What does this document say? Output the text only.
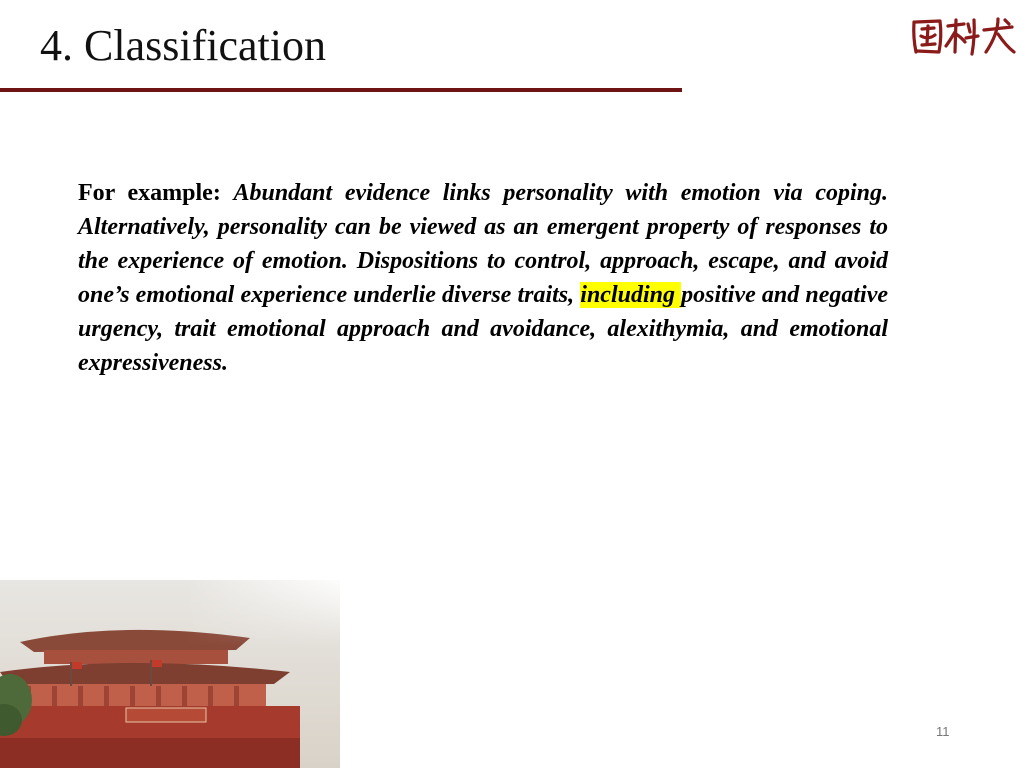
4. Classification
For example: Abundant evidence links personality with emotion via coping. Alternatively, personality can be viewed as an emergent property of responses to the experience of emotion. Dispositions to control, approach, escape, and avoid one’s emotional experience underlie diverse traits, including positive and negative urgency, trait emotional approach and avoidance, alexithymia, and emotional expressiveness.
11
